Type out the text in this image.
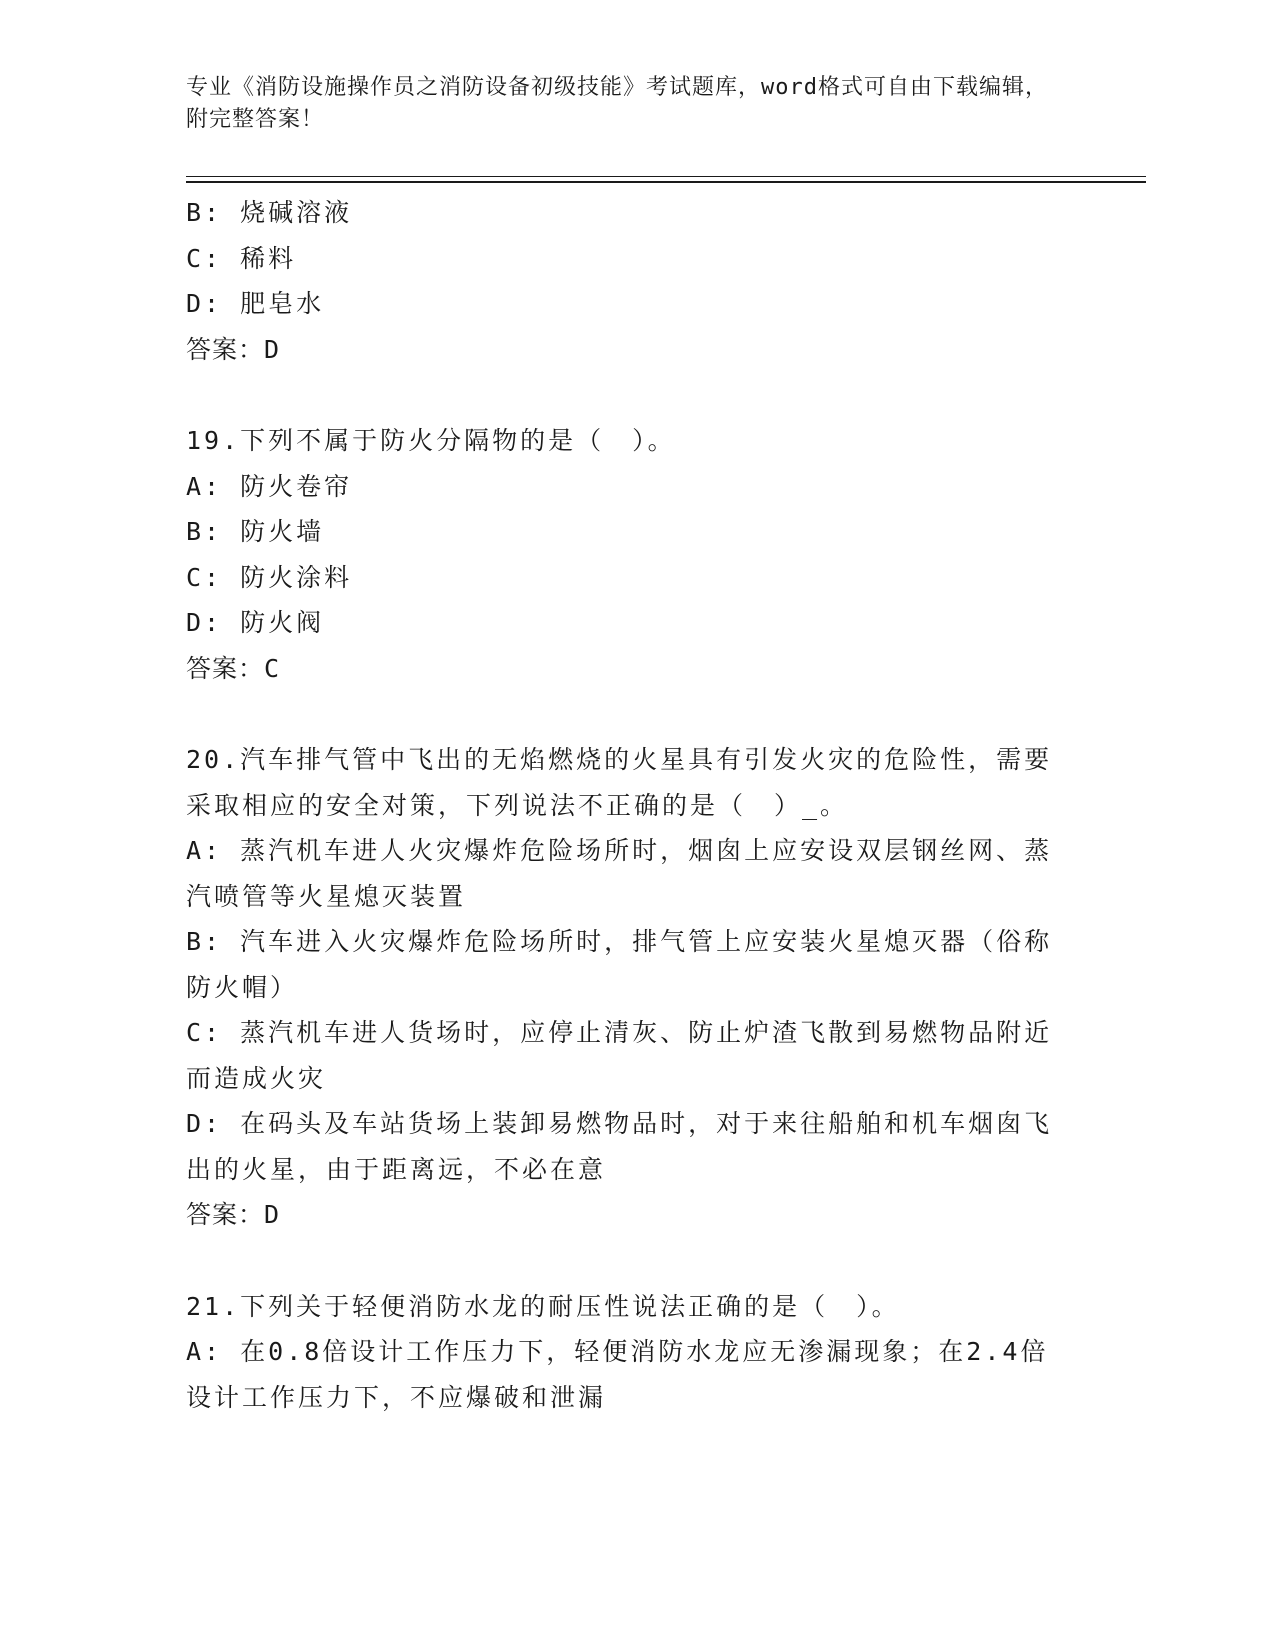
专业《消防设施操作员之消防设备初级技能》考试题库，word格式可自由下载编辑，附完整答案！
B: 烧碱溶液
C: 稀料
D: 肥皂水
答案：D
19.下列不属于防火分隔物的是（　）。
A: 防火卷帘
B: 防火墙
C: 防火涂料
D: 防火阀
答案：C
20.汽车排气管中飞出的无焰燃烧的火星具有引发火灾的危险性，需要采取相应的安全对策，下列说法不正确的是（　）_。
A: 蒸汽机车进人火灾爆炸危险场所时，烟囱上应安设双层钢丝网、蒸汽喷管等火星熄灭装置
B: 汽车进入火灾爆炸危险场所时，排气管上应安装火星熄灭器（俗称防火帽）
C: 蒸汽机车进人货场时，应停止清灰、防止炉渣飞散到易燃物品附近而造成火灾
D: 在码头及车站货场上装卸易燃物品时，对于来往船舶和机车烟囱飞出的火星，由于距离远，不必在意
答案：D
21.下列关于轻便消防水龙的耐压性说法正确的是（　）。
A: 在0.8倍设计工作压力下，轻便消防水龙应无渗漏现象；在2.4倍设计工作压力下，不应爆破和泄漏
